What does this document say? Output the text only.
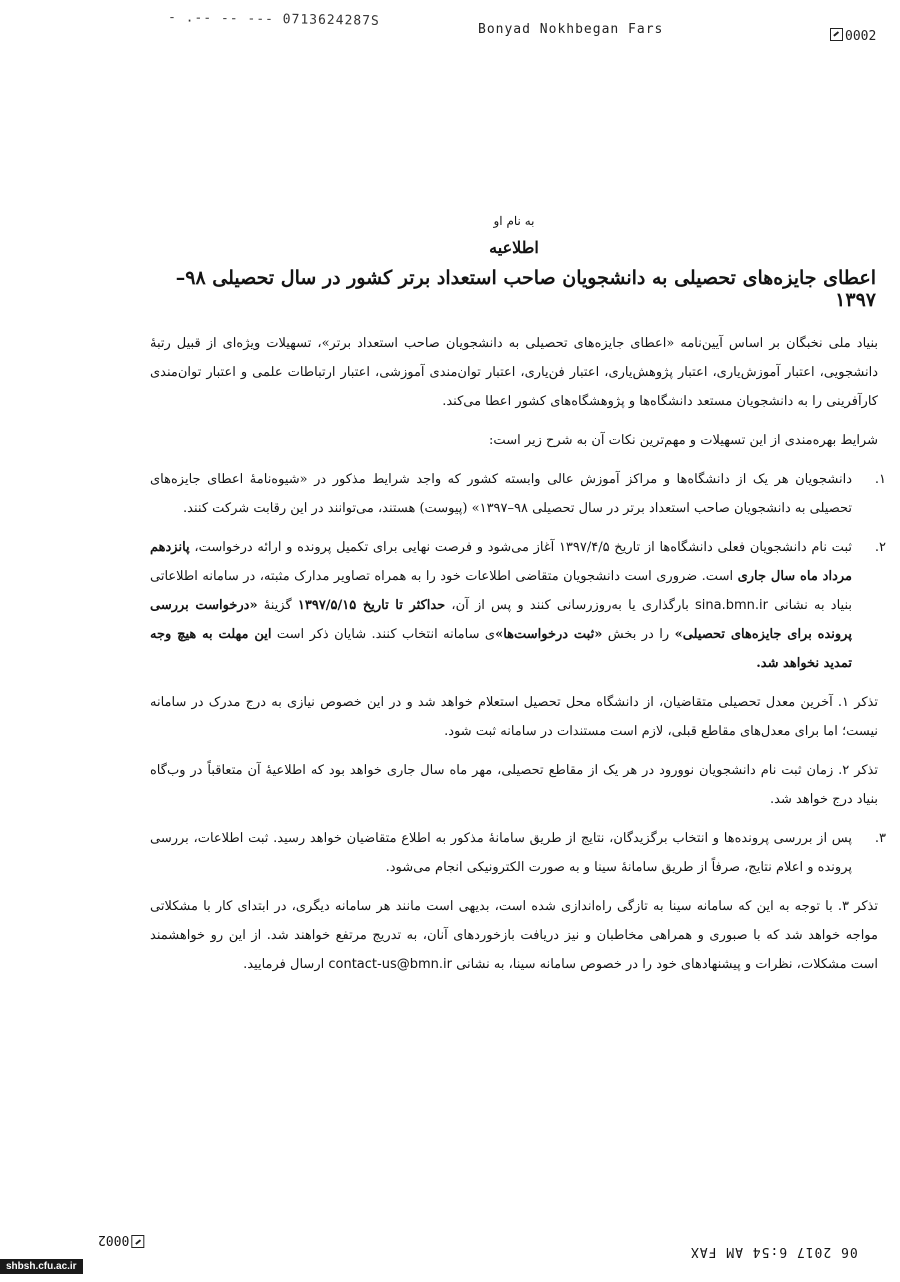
- .-- -- --- 0713624287S
Bonyad Nokhbegan Fars	0002
به نام او
اطلاعیه
اعطای جایزه‌های تحصیلی به دانشجویان صاحب استعداد برتر کشور در سال تحصیلی ۹۸–۱۳۹۷

بنیاد ملی نخبگان بر اساس آیین‌نامه «اعطای جایزه‌های تحصیلی به دانشجویان صاحب استعداد برتر»، تسهیلات ویژه‌ای از قبیل رتبهٔ دانشجویی، اعتبار آموزش‌یاری، اعتبار پژوهش‌یاری، اعتبار فن‌یاری، اعتبار توان‌مندی آموزشی، اعتبار ارتباطات علمی و اعتبار توان‌مندی کارآفرینی را به دانشجویان مستعد دانشگاه‌ها و پژوهشگاه‌های کشور اعطا می‌کند.

شرایط بهره‌مندی از این تسهیلات و مهم‌ترین نکات آن به شرح زیر است:

۱.
دانشجویان هر یک از دانشگاه‌ها و مراکز آموزش عالی وابسته کشور که واجد شرایط مذکور در «شیوه‌نامهٔ اعطای جایزه‌های تحصیلی به دانشجویان صاحب استعداد برتر در سال تحصیلی ۹۸–۱۳۹۷» (پیوست) هستند، می‌توانند در این رقابت شرکت کنند.
۲.
ثبت نام دانشجویان فعلی دانشگاه‌ها از تاریخ ۱۳۹۷/۴/۵ آغاز می‌شود و فرصت نهایی برای تکمیل پرونده و ارائه درخواست، پانزدهم مرداد ماه سال جاری است. ضروری است دانشجویان متقاضی اطلاعات خود را به همراه تصاویر مدارک مثبته، در سامانه اطلاعاتی بنیاد به نشانی sina.bmn.ir بارگذاری یا به‌روزرسانی کنند و پس از آن، حداکثر تا تاریخ ۱۳۹۷/۵/۱۵ گزینهٔ «درخواست بررسی پرونده برای جایزه‌های تحصیلی» را در بخش «ثبت درخواست‌ها»ی سامانه انتخاب کنند. شایان ذکر است این مهلت به هیچ وجه تمدید نخواهد شد.

تذکر ۱. آخرین معدل تحصیلی متقاضیان، از دانشگاه محل تحصیل استعلام خواهد شد و در این خصوص نیازی به درج مدرک در سامانه نیست؛ اما برای معدل‌های مقاطع قبلی، لازم است مستندات در سامانه ثبت شود.

تذکر ۲. زمان ثبت نام دانشجویان نوورود در هر یک از مقاطع تحصیلی، مهر ماه سال جاری خواهد بود که اطلاعیهٔ آن متعاقباً در وب‌گاه بنیاد درج خواهد شد.

۳.
پس از بررسی پرونده‌ها و انتخاب برگزیدگان، نتایج از طریق سامانهٔ مذکور به اطلاع متقاضیان خواهد رسید. ثبت اطلاعات، بررسی پرونده و اعلام نتایج، صرفاً از طریق سامانهٔ سینا و به صورت الکترونیکی انجام می‌شود.

تذکر ۳. با توجه به این که سامانه سینا به تازگی راه‌اندازی شده است، بدیهی است مانند هر سامانه دیگری، در ابتدای کار با مشکلاتی مواجه خواهد شد که با صبوری و همراهی مخاطبان و نیز دریافت بازخوردهای آنان، به تدریج مرتفع خواهند شد. از این رو خواهشمند است مشکلات، نظرات و پیشنهادهای خود را در خصوص سامانه سینا، به نشانی contact-us@bmn.ir ارسال فرمایید.

0002
06 2017 6:54 AM FAX
shbsh.cfu.ac.ir
